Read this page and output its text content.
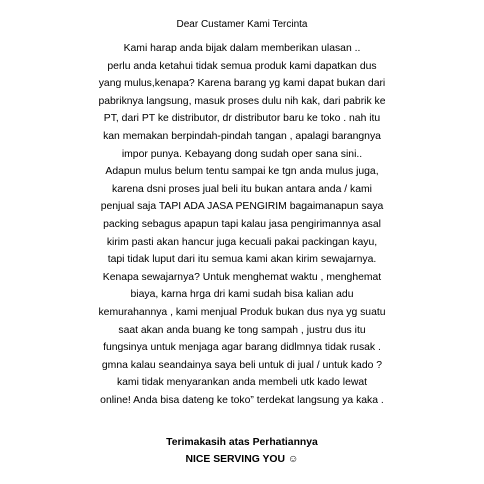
Dear Custamer Kami Tercinta
Kami harap anda bijak dalam memberikan ulasan ..
perlu anda ketahui tidak semua produk kami dapatkan dus
yang mulus,kenapa? Karena barang yg kami dapat bukan dari
pabriknya langsung, masuk proses dulu nih kak, dari pabrik ke
PT, dari PT ke distributor, dr distributor baru ke toko . nah itu
kan memakan berpindah-pindah tangan , apalagi barangnya
impor punya. Kebayang dong sudah oper sana sini..
Adapun mulus belum tentu sampai ke tgn anda mulus juga,
karena dsni proses jual beli itu bukan antara anda / kami
penjual saja TAPI ADA JASA PENGIRIM bagaimanapun saya
packing sebagus apapun tapi kalau jasa pengirimannya asal
kirim pasti akan hancur juga kecuali pakai packingan kayu,
tapi tidak luput dari itu semua kami akan kirim sewajarnya.
Kenapa sewajarnya? Untuk menghemat waktu , menghemat
biaya, karna hrga dri kami sudah bisa kalian adu
kemurahannya , kami menjual Produk bukan dus nya yg suatu
saat akan anda buang ke tong sampah , justru dus itu
fungsinya untuk menjaga agar barang didlmnya tidak rusak .
gmna kalau seandainya saya beli untuk di jual / untuk kado ?
kami tidak menyarankan anda membeli utk kado lewat
online! Anda bisa dateng ke toko” terdekat langsung ya kaka .
Terimakasih atas Perhatiannya
NICE SERVING YOU ☺
